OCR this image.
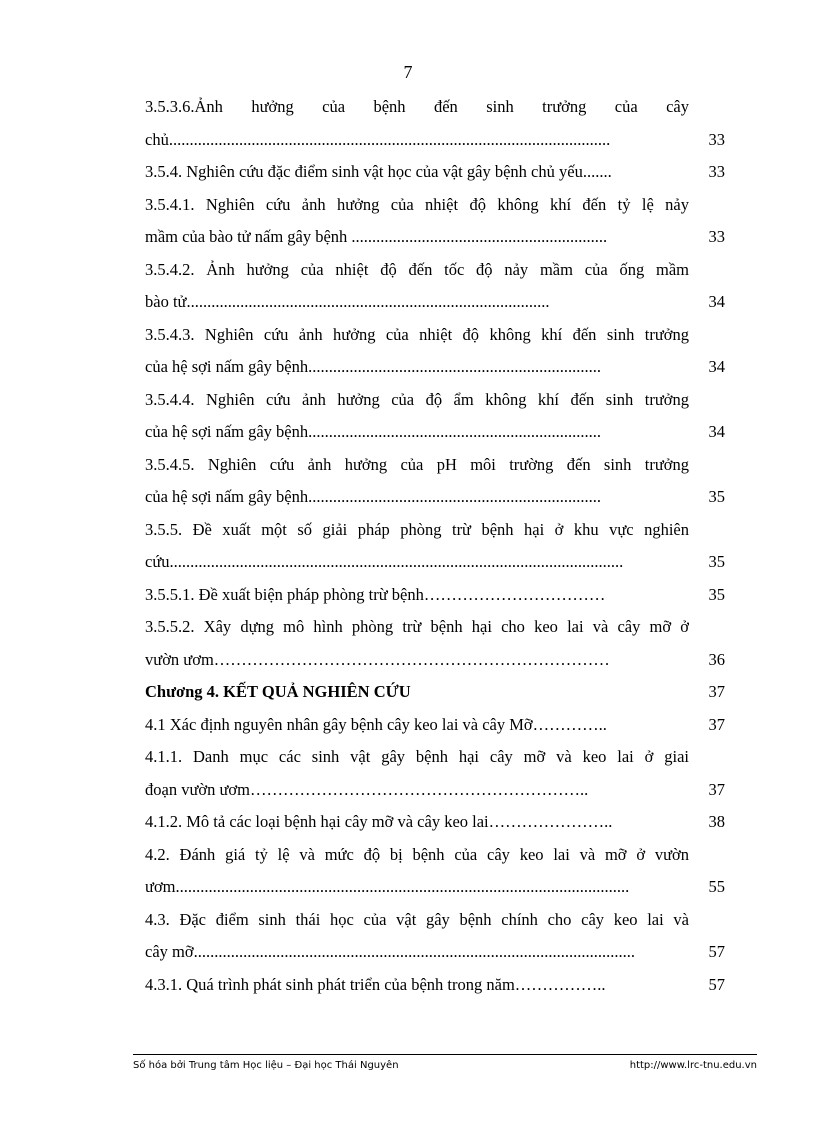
7
3.5.3.6.Ảnh hưởng của bệnh đến sinh trưởng của cây
chủ...........................................................................................................	33
3.5.4. Nghiên cứu đặc điểm sinh vật học của vật gây bệnh chủ yếu.......	33
3.5.4.1. Nghiên cứu ảnh hưởng của nhiệt độ không khí đến tỷ lệ nảy
mầm của bào tử nấm gây bệnh ..............................................................	33
3.5.4.2. Ảnh hưởng của nhiệt độ đến tốc độ nảy mầm của ống mầm
bào tử........................................................................................	34
3.5.4.3. Nghiên cứu ảnh hưởng của nhiệt độ không khí đến sinh trưởng
của hệ sợi nấm gây bệnh.......................................................................	34
3.5.4.4. Nghiên cứu ảnh hưởng của độ ẩm không khí đến sinh trưởng
của hệ sợi nấm gây bệnh.......................................................................	34
3.5.4.5. Nghiên cứu ảnh hưởng của pH môi trường đến sinh trưởng
của hệ sợi nấm gây bệnh.......................................................................	35
3.5.5. Đề xuất một số giải pháp phòng trừ bệnh hại ở khu vực nghiên
cứu..............................................................................................................	35
3.5.5.1. Đề xuất biện pháp phòng trừ bệnh……………………………	35
3.5.5.2. Xây dựng mô hình phòng trừ bệnh hại cho keo lai và cây mỡ ở
vườn ươm………………………………………………………………	36
Chương 4. KẾT QUẢ NGHIÊN CỨU	37
4.1 Xác định nguyên nhân gây bệnh cây keo lai và cây Mỡ…………..	37
4.1.1. Danh mục các sinh vật gây bệnh hại cây mỡ và keo lai ở giai
đoạn vườn ươm……………………………………………………..	37
4.1.2. Mô tả các loại bệnh hại cây mỡ và cây keo lai…………………..	38
4.2. Đánh giá tỷ lệ và mức độ bị bệnh của cây keo lai và mỡ ở vườn
ươm..............................................................................................................	55
4.3. Đặc điểm sinh thái học của vật gây bệnh chính cho cây keo lai và
cây mỡ...........................................................................................................	57
4.3.1. Quá trình phát sinh phát triển của bệnh trong năm……………..	57
Số hóa bởi Trung tâm Học liệu – Đại học Thái Nguyên	http://www.lrc-tnu.edu.vn
